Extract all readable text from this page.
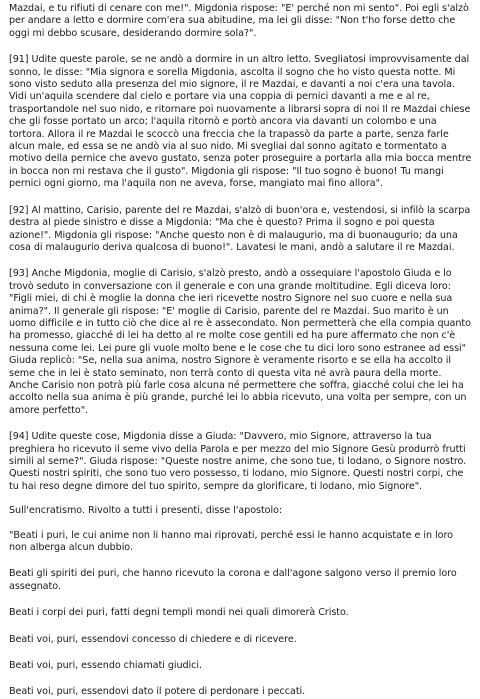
Mazdai, e tu rifiuti di cenare con me!". Migdonia rispose: "E' perché non mi sento". Poi egli s'alzò per andare a letto e dormire com'era sua abitudine, ma lei gli disse: "Non t'ho forse detto che oggi mi debbo scusare, desiderando dormire sola?".

[91] Udite queste parole, se ne andò a dormire in un altro letto. Svegliatosi improvvisamente dal sonno, le disse: "Mia signora e sorella Migdonia, ascolta il sogno che ho visto questa notte. Mi sono visto seduto alla presenza del mio signore, il re Mazdai, e davanti a noi c'era una tavola. Vidi un'aquila scendere dal cielo e portare via una coppia di pernici davanti a me e al re, trasportandole nel suo nido, e ritornare poi nuovamente a librarsi sopra di noi Il re Mazdai chiese che gli fosse portato un arco; l'aquila ritornò e portò ancora via davanti un colombo e una tortora. Allora il re Mazdai le scoccò una freccia che la trapassò da parte a parte, senza farle alcun male, ed essa se ne andò via al suo nido. Mi svegliai dal sonno agitato e tormentato a motivo della pernice che avevo gustato, senza poter proseguire a portarla alla mia bocca mentre in bocca non mi restava che il gusto". Migdonia gli rispose: "Il tuo sogno è buono! Tu mangi pernici ogni giorno, ma l'aquila non ne aveva, forse, mangiato mai fino allora".

[92] Al mattino, Carisio, parente del re Mazdai, s'alzò di buon'ora e, vestendosi, si infilò la scarpa destra al piede sinistro e disse a Migdonia: "Ma che è questo? Prima il sogno e poi questa azione!". Migdonia gli rispose: "Anche questo non è di malaugurio, ma di buonaugurio; da una cosa di malaugurio deriva qualcosa di buono!". Lavatesi le mani, andò a salutare il re Mazdai.

[93] Anche Migdonia, moglie di Carisio, s'alzò presto, andò a ossequiare l'apostolo Giuda e lo trovò seduto in conversazione con il generale e con una grande moltitudine. Egli diceva loro: "Figli miei, di chi è moglie la donna che ieri ricevette nostro Signore nel suo cuore e nella sua anima?". Il generale gli rispose: "E' moglie di Carisio, parente del re Mazdai. Suo marito è un uomo difficile e in tutto ciò che dice al re è assecondato. Non permetterà che ella compia quanto ha promesso, giacché di lei ha detto al re molte cose gentili ed ha pure affermato che non c'è nessuna come lei. Lei pure gli vuole molto bene e le cose che tu dici loro sono estranee ad essi" Giuda replicò: "Se, nella sua anima, nostro Signore è veramente risorto e se ella ha accolto il seme che in lei è stato seminato, non terrà conto di questa vita né avrà paura della morte. Anche Carisio non potrà più farle cosa alcuna né permettere che soffra, giacché colui che lei ha accolto nella sua anima è più grande, purché lei lo abbia ricevuto, una volta per sempre, con un amore perfetto".

[94] Udite queste cose, Migdonia disse a Giuda: "Davvero, mio Signore, attraverso la tua preghiera ho ricevuto il seme vivo della Parola e per mezzo del mio Signore Gesù produrrò frutti simili al seme?". Giuda rispose: "Queste nostre anime, che sono tue, ti lodano, o Signore nostro. Questi nostri spiriti, che sono tuo vero possesso, ti lodano, mio Signore. Questi nostri corpi, che tu hai reso degne dimore del tuo spirito, sempre da glorificare, ti lodano, mio Signore".

Sull'encratismo. Rivolto a tutti i presenti, disse l'apostolo:

"Beati i puri, le cui anime non li hanno mai riprovati, perché essi le hanno acquistate e in loro non alberga alcun dubbio.

Beati gli spiriti dei puri, che hanno ricevuto la corona e dall'agone salgono verso il premio loro assegnato.

Beati i corpi dei puri, fatti degni templi mondi nei quali dimorerà Cristo.

Beati voi, puri, essendovi concesso di chiedere e di ricevere.

Beati voi, puri, essendo chiamati giudici.

Beati voi, puri, essendovi dato il potere di perdonare i peccati.
